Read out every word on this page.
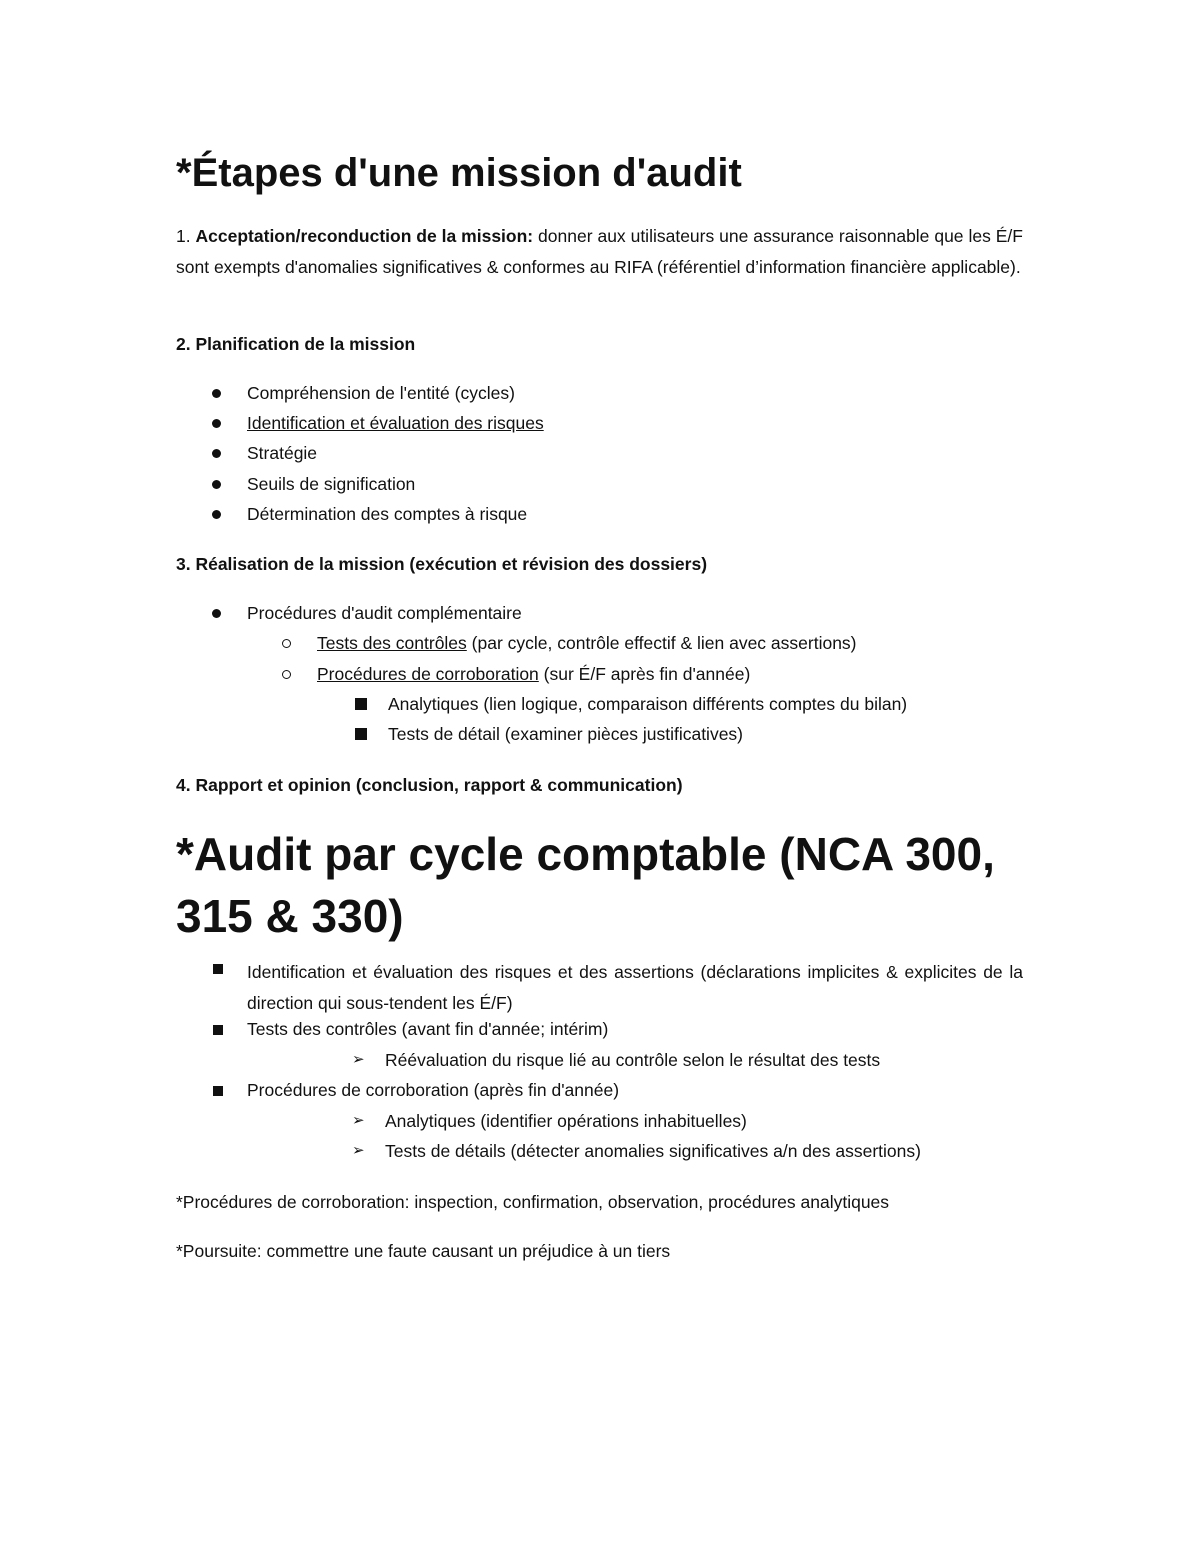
*Étapes d'une mission d'audit

1. Acceptation/reconduction de la mission: donner aux utilisateurs une assurance raisonnable que les É/F sont exempts d'anomalies significatives & conformes au RIFA (référentiel d’information financière applicable).

2. Planification de la mission

Compréhension de l'entité (cycles)

Identification et évaluation des risques

Stratégie

Seuils de signification

Détermination des comptes à risque

3. Réalisation de la mission (exécution et révision des dossiers)

Procédures d'audit complémentaire

Tests des contrôles (par cycle, contrôle effectif & lien avec assertions)

Procédures de corroboration (sur É/F après fin d'année)

Analytiques (lien logique, comparaison différents comptes du bilan)

Tests de détail (examiner pièces justificatives)

4. Rapport et opinion (conclusion, rapport & communication)

*Audit par cycle comptable (NCA 300, 315 & 330)

Identification et évaluation des risques et des assertions (déclarations implicites & explicites de la direction qui sous-tendent les É/F)

Tests des contrôles (avant fin d'année; intérim)

➢ Réévaluation du risque lié au contrôle selon le résultat des tests

Procédures de corroboration (après fin d'année)

➢ Analytiques (identifier opérations inhabituelles)

➢ Tests de détails (détecter anomalies significatives a/n des assertions)

*Procédures de corroboration: inspection, confirmation, observation, procédures analytiques

*Poursuite: commettre une faute causant un préjudice à un tiers
